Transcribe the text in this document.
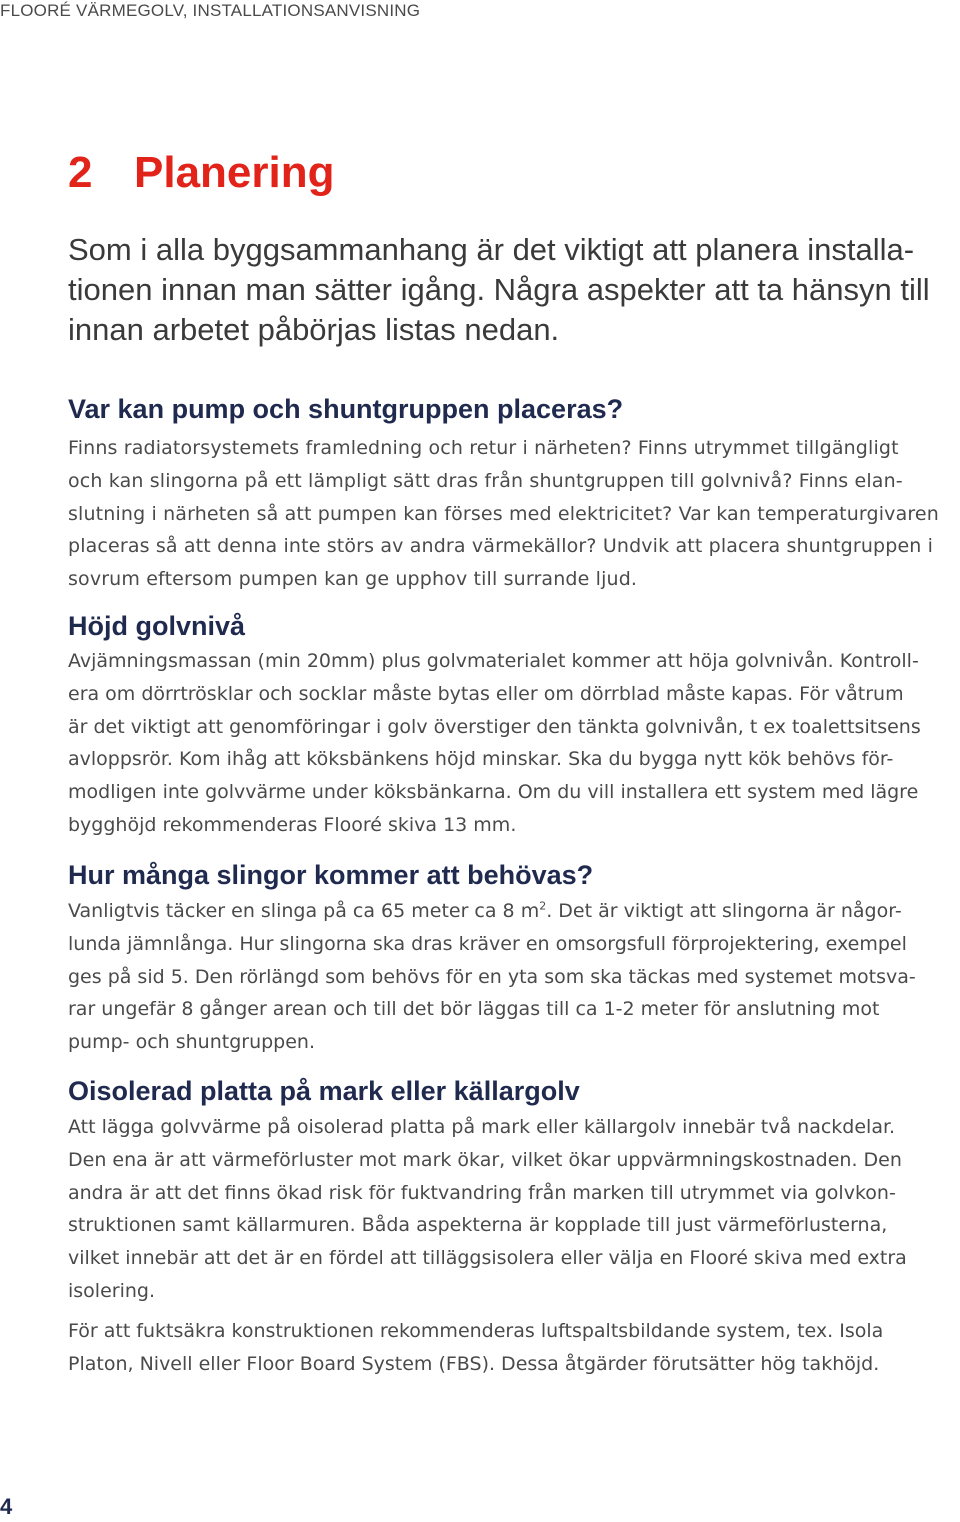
FLOORÉ VÄRMEGOLV, INSTALLATIONSANVISNING
2 Planering
Som i alla byggsammanhang är det viktigt att planera installa-
tionen innan man sätter igång. Några aspekter att ta hänsyn till
innan arbetet påbörjas listas nedan.
Var kan pump och shuntgruppen placeras?
Finns radiatorsystemets framledning och retur i närheten? Finns utrymmet tillgängligt
och kan slingorna på ett lämpligt sätt dras från shuntgruppen till golvnivå? Finns elan-
slutning i närheten så att pumpen kan förses med elektricitet? Var kan temperaturgivaren
placeras så att denna inte störs av andra värmekällor? Undvik att placera shuntgruppen i
sovrum eftersom pumpen kan ge upphov till surrande ljud.
Höjd golvnivå
Avjämningsmassan (min 20mm) plus golvmaterialet kommer att höja golvnivån. Kontroll-
era om dörrtrösklar och socklar måste bytas eller om dörrblad måste kapas. För våtrum
är det viktigt att genomföringar i golv överstiger den tänkta golvnivån, t ex toalettsitsens
avloppsrör. Kom ihåg att köksbänkens höjd minskar. Ska du bygga nytt kök behövs för-
modligen inte golvvärme under köksbänkarna. Om du vill installera ett system med lägre
bygghöjd rekommenderas Flooré skiva 13 mm.
Hur många slingor kommer att behövas?
Vanligtvis täcker en slinga på ca 65 meter ca 8 $m^2$. Det är viktigt att slingorna är någor-
lunda jämnlånga. Hur slingorna ska dras kräver en omsorgsfull förprojektering, exempel
ges på sid 5. Den rörlängd som behövs för en yta som ska täckas med systemet motsva-
rar ungefär 8 gånger arean och till det bör läggas till ca 1-2 meter för anslutning mot
pump- och shuntgruppen.
Oisolerad platta på mark eller källargolv
Att lägga golvvärme på oisolerad platta på mark eller källargolv innebär två nackdelar.
Den ena är att värmeförluster mot mark ökar, vilket ökar uppvärmningskostnaden. Den
andra är att det finns ökad risk för fuktvandring från marken till utrymmet via golvkon-
struktionen samt källarmuren. Båda aspekterna är kopplade till just värmeförlusterna,
vilket innebär att det är en fördel att tilläggsisolera eller välja en Flooré skiva med extra
isolering.
För att fuktsäkra konstruktionen rekommenderas luftspaltsbildande system, tex. Isola
Platon, Nivell eller Floor Board System (FBS). Dessa åtgärder förutsätter hög takhöjd.
4
